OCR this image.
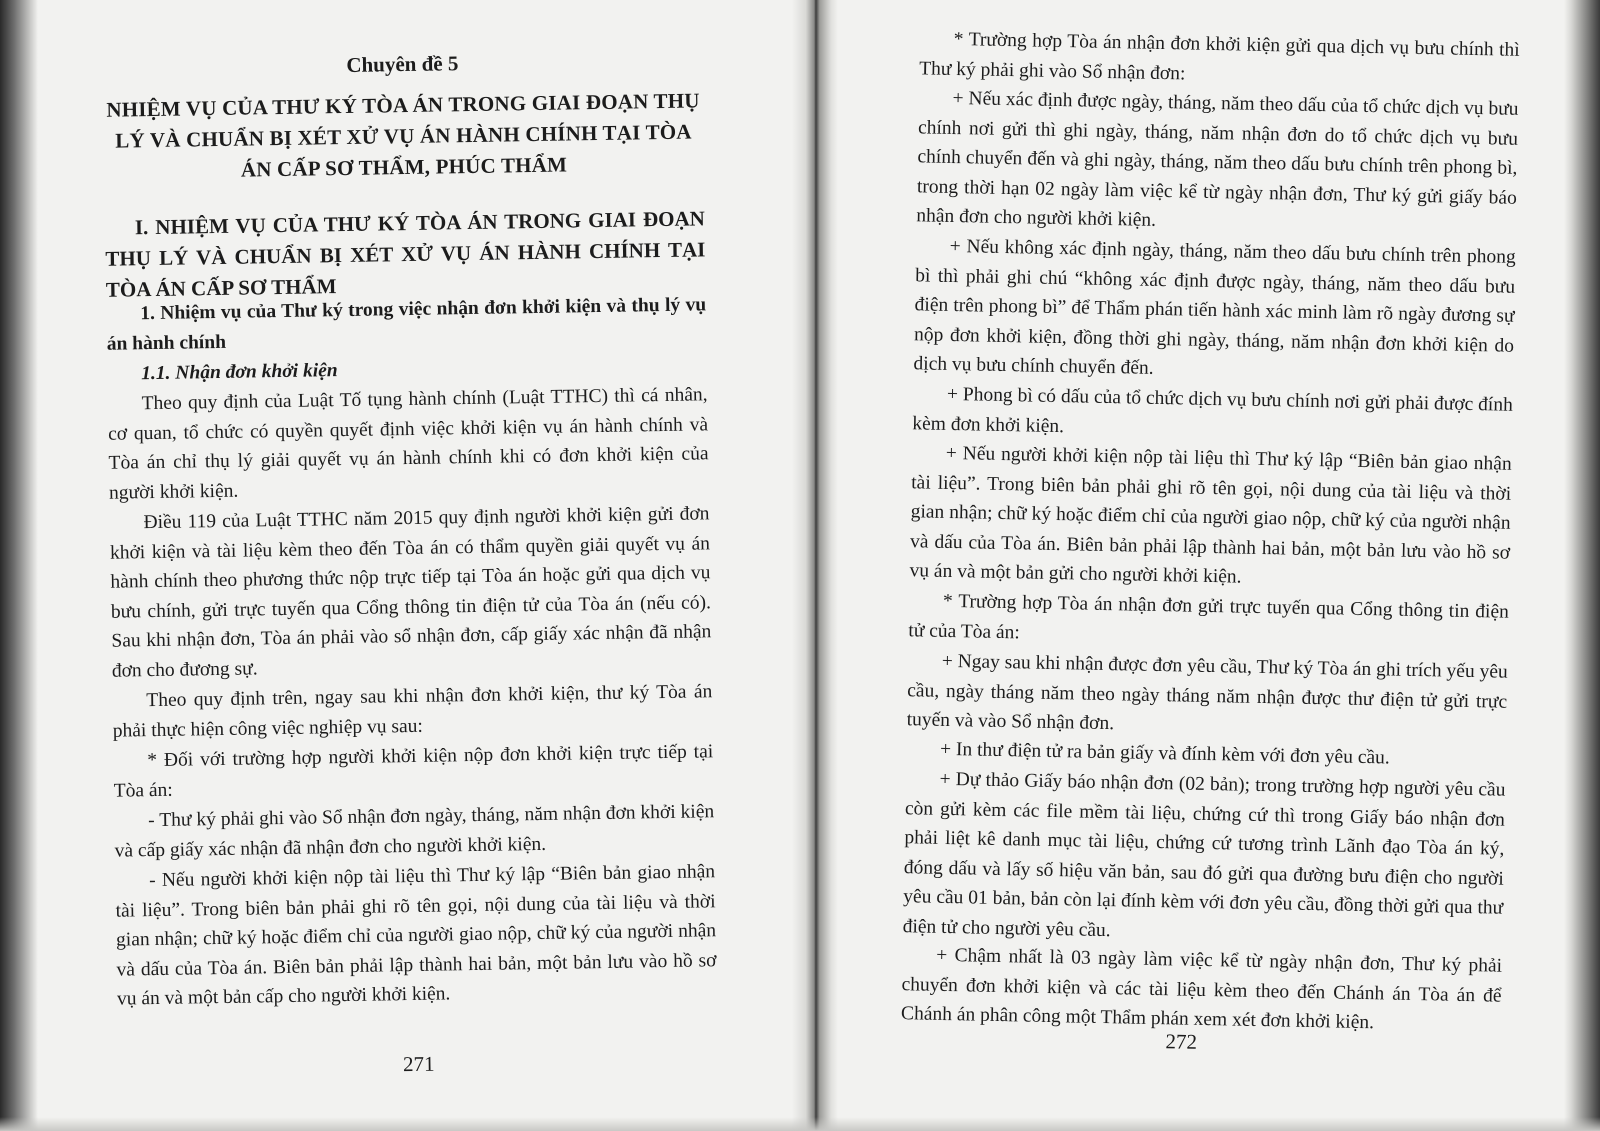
Chuyên đề 5
NHIỆM VỤ CỦA THƯ KÝ TÒA ÁN TRONG GIAI ĐOẠN THỤ LÝ VÀ CHUẨN BỊ XÉT XỬ VỤ ÁN HÀNH CHÍNH TẠI TÒA ÁN CẤP SƠ THẨM, PHÚC THẨM
I. NHIỆM VỤ CỦA THƯ KÝ TÒA ÁN TRONG GIAI ĐOẠN THỤ LÝ VÀ CHUẨN BỊ XÉT XỬ VỤ ÁN HÀNH CHÍNH TẠI TÒA ÁN CẤP SƠ THẨM

1. Nhiệm vụ của Thư ký trong việc nhận đơn khởi kiện và thụ lý vụ án hành chính

1.1. Nhận đơn khởi kiện

Theo quy định của Luật Tố tụng hành chính (Luật TTHC) thì cá nhân, cơ quan, tổ chức có quyền quyết định việc khởi kiện vụ án hành chính và Tòa án chỉ thụ lý giải quyết vụ án hành chính khi có đơn khởi kiện của người khởi kiện.

Điều 119 của Luật TTHC năm 2015 quy định người khởi kiện gửi đơn khởi kiện và tài liệu kèm theo đến Tòa án có thẩm quyền giải quyết vụ án hành chính theo phương thức nộp trực tiếp tại Tòa án hoặc gửi qua dịch vụ bưu chính, gửi trực tuyến qua Cổng thông tin điện tử của Tòa án (nếu có). Sau khi nhận đơn, Tòa án phải vào sổ nhận đơn, cấp giấy xác nhận đã nhận đơn cho đương sự.

Theo quy định trên, ngay sau khi nhận đơn khởi kiện, thư ký Tòa án phải thực hiện công việc nghiệp vụ sau:

* Đối với trường hợp người khởi kiện nộp đơn khởi kiện trực tiếp tại Tòa án:

- Thư ký phải ghi vào Sổ nhận đơn ngày, tháng, năm nhận đơn khởi kiện và cấp giấy xác nhận đã nhận đơn cho người khởi kiện.

- Nếu người khởi kiện nộp tài liệu thì Thư ký lập “Biên bản giao nhận tài liệu”. Trong biên bản phải ghi rõ tên gọi, nội dung của tài liệu và thời gian nhận; chữ ký hoặc điểm chỉ của người giao nộp, chữ ký của người nhận và dấu của Tòa án. Biên bản phải lập thành hai bản, một bản lưu vào hồ sơ vụ án và một bản cấp cho người khởi kiện.

271

* Trường hợp Tòa án nhận đơn khởi kiện gửi qua dịch vụ bưu chính thì Thư ký phải ghi vào Sổ nhận đơn:

+ Nếu xác định được ngày, tháng, năm theo dấu của tổ chức dịch vụ bưu chính nơi gửi thì ghi ngày, tháng, năm nhận đơn do tổ chức dịch vụ bưu chính chuyển đến và ghi ngày, tháng, năm theo dấu bưu chính trên phong bì, trong thời hạn 02 ngày làm việc kể từ ngày nhận đơn, Thư ký gửi giấy báo nhận đơn cho người khởi kiện.

+ Nếu không xác định ngày, tháng, năm theo dấu bưu chính trên phong bì thì phải ghi chú “không xác định được ngày, tháng, năm theo dấu bưu điện trên phong bì” để Thẩm phán tiến hành xác minh làm rõ ngày đương sự nộp đơn khởi kiện, đồng thời ghi ngày, tháng, năm nhận đơn khởi kiện do dịch vụ bưu chính chuyển đến.

+ Phong bì có dấu của tổ chức dịch vụ bưu chính nơi gửi phải được đính kèm đơn khởi kiện.

+ Nếu người khởi kiện nộp tài liệu thì Thư ký lập “Biên bản giao nhận tài liệu”. Trong biên bản phải ghi rõ tên gọi, nội dung của tài liệu và thời gian nhận; chữ ký hoặc điểm chỉ của người giao nộp, chữ ký của người nhận và dấu của Tòa án. Biên bản phải lập thành hai bản, một bản lưu vào hồ sơ vụ án và một bản gửi cho người khởi kiện.

* Trường hợp Tòa án nhận đơn gửi trực tuyến qua Cổng thông tin điện tử của Tòa án:

+ Ngay sau khi nhận được đơn yêu cầu, Thư ký Tòa án ghi trích yếu yêu cầu, ngày tháng năm theo ngày tháng năm nhận được thư điện tử gửi trực tuyến và vào Sổ nhận đơn.

+ In thư điện tử ra bản giấy và đính kèm với đơn yêu cầu.

+ Dự thảo Giấy báo nhận đơn (02 bản); trong trường hợp người yêu cầu còn gửi kèm các file mềm tài liệu, chứng cứ thì trong Giấy báo nhận đơn phải liệt kê danh mục tài liệu, chứng cứ tương trình Lãnh đạo Tòa án ký, đóng dấu và lấy số hiệu văn bản, sau đó gửi qua đường bưu điện cho người yêu cầu 01 bản, bản còn lại đính kèm với đơn yêu cầu, đồng thời gửi qua thư điện tử cho người yêu cầu.

+ Chậm nhất là 03 ngày làm việc kể từ ngày nhận đơn, Thư ký phải chuyển đơn khởi kiện và các tài liệu kèm theo đến Chánh án Tòa án để Chánh án phân công một Thẩm phán xem xét đơn khởi kiện.

272
